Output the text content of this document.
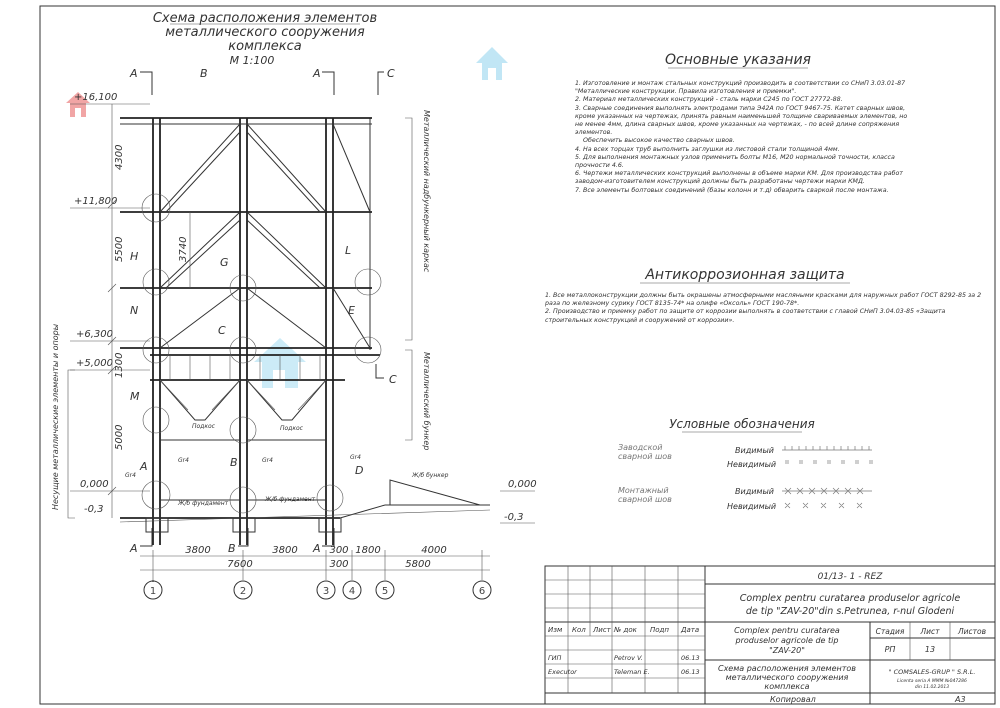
Схема расположения элементов
металлического сооружения
комплекса
М 1:100
H	G
L
N	E
C
M
A	B
D
А	А	С
В
А	В	А
С
+16,100
+11,800
+6,300
+5,000
0,000
-0,3
0,000
-0,3
4300
5500
1300
5000
3740	Металлический надбункерный каркас
Металлический бункер
Несущие металлические элементы и опоры	Ж/б бункер
Ж/б фундамент
Ж/б фундамент
Подкос	Подкос
Gr4	Gr4	Gr4
Gr4
3800	3800	300 1800	4000
7600	300	5800
1	2	3 4	5	6
Основные указания
1. Изготовление и монтаж стальных конструкций производить в соответствии со СНиП 3.03.01-87 "Металлические конструкции. Правила изготовления и приемки".
2. Материал металлических конструкций - сталь марки С245 по ГОСТ 27772-88.
3. Сварные соединения выполнять электродами типа Э42А по ГОСТ 9467-75. Катет сварных швов, кроме указанных на чертежах, принять равным наименьшей толщине свариваемых элементов, но не менее 4мм, длина сварных швов, кроме указанных на чертежах, - по всей длине сопряжения элементов.
Обеспечить высокое качество сварных швов.
4. На всех торцах труб выполнить заглушки из листовой стали толщиной 4мм.
5. Для выполнения монтажных узлов применить болты М16, М20 нормальной точности, класса прочности 4.6.
6. Чертежи металлических конструкций выполнены в объеме марки КМ. Для производства работ заводом-изготовителем конструкций должны быть разработаны чертежи марки КМД.
7. Все элементы болтовых соединений (базы колонн и т.д) обварить сваркой после монтажа.
Антикоррозионная защита
1. Все металлоконструкции должны быть окрашены атмосферными масляными красками для наружных работ ГОСТ 8292-85 за 2 раза по железному сурику ГОСТ 8135-74* на олифе «Оксоль» ГОСТ 190-78*.
2. Производство и приемку работ по защите от коррозии выполнять в соответствии с главой СНиП 3.04.03-85 «Защита строительных конструкций и сооружений от коррозии».
Условные обозначения
Заводской сварной шов
Видимый
Невидимый
Монтажный сварной шов
Видимый
Невидимый
Изм Кол Лист № док Подп Дата
ГИП	Petrov V.	06.13
Executor	Teleman E.	06.13
01/13- 1 - REZ
Complex pentru curatarea produselor agricole
de tip "ZAV-20"din s.Petrunea, r-nul Glodeni
Complex pentru curatarea
produselor agricole de tip
"ZAV-20"
Стадия Лист Листов
РП	13
Схема расположения элементов
металлического сооружения
комплекса
" COMSALES-GRUP " S.R.L.
Licenta seria А МММ №047286
din 11.02.2013
Копировал	А3
